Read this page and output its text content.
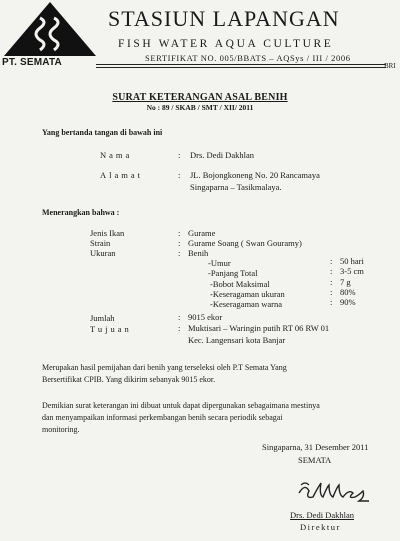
PT. SEMATA
STASIUN LAPANGAN
FISH WATER AQUA CULTURE
SERTIFIKAT NO. 005/BBATS – AQSys / III / 2006
BRI
SURAT KETERANGAN ASAL BENIH
No : 89 / SKAB / SMT / XII/ 2011
Yang bertanda tangan di bawah ini
Nama	: Drs. Dedi Dakhlan
Alamat	: JL. Bojongkoneng No. 20 Rancamaya
Singaparna – Tasikmalaya.
Menerangkan bahwa :
Jenis Ikan	: Gurame
Strain	: Gurame Soang ( Swan Gouramy)
Ukuran	: Benih
-Umur	: 50 hari
-Panjang Total	: 3-5 cm
-Bobot Maksimal	: 7 g
-Keseragaman ukuran	: 80%
-Keseragaman warna	: 90%
Jumlah	: 9015 ekor
Tujuan	: Muktisari – Waringin putih RT 06 RW 01
Kec. Langensari kota Banjar
Merupakan hasil pemijahan dari benih yang terseleksi oleh P.T Semata Yang
Bersertifikat CPIB. Yang dikirim sebanyak 9015 ekor.
Demikian surat keterangan ini dibuat untuk dapat dipergunakan sebagaimana mestinya
dan menyampaikan informasi perkembangan benih secara periodik sebagai
monitoring.
Singaparna, 31 Desember 2011
SEMATA
Drs. Dedi Dakhlan
Direktur
